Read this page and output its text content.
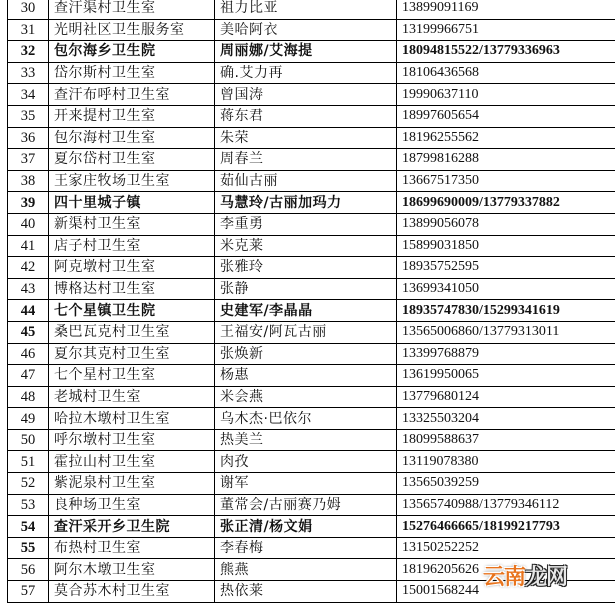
30	查汗渠村卫生室	祖力比亚	13899091169
31	光明社区卫生服务室	美哈阿衣	13199966751
32	包尔海乡卫生院	周丽娜/艾海提	18094815522/13779336963
33	岱尔斯村卫生室	确.艾力再	18106436568
34	查汗布呼村卫生室	曾国涛	19990637110
35	开来提村卫生室	蒋东君	18997605654
36	包尔海村卫生室	朱荣	18196255562
37	夏尔岱村卫生室	周春兰	18799816288
38	王家庄牧场卫生室	茹仙古丽	13667517350
39	四十里城子镇	马慧玲/古丽加玛力	18699690009/13779337882
40	新渠村卫生室	李重勇	13899056078
41	店子村卫生室	米克莱	15899031850
42	阿克墩村卫生室	张雅玲	18935752595
43	博格达村卫生室	张静	13699341050
44	七个星镇卫生院	史建军/李晶晶	18935747830/15299341619
45	桑巴瓦克村卫生室	王福安/阿瓦古丽	13565006860/13779313011
46	夏尔其克村卫生室	张焕新	13399768879
47	七个星村卫生室	杨惠	13619950065
48	老城村卫生室	米会燕	13779680124
49	哈拉木墩村卫生室	乌木杰·巴依尔	13325503204
50	呼尔墩村卫生室	热美兰	18099588637
51	霍拉山村卫生室	肉孜	13119078380
52	紫泥泉村卫生室	谢军	13565039259
53	良种场卫生室	董常会/古丽赛乃姆	13565740988/13779346112
54	查汗采开乡卫生院	张正清/杨文娟	15276466665/18199217793
55	布热村卫生室	李春梅	13150252252
56	阿尔木墩卫生室	熊燕	18196205626
57	莫合苏木村卫生室	热依莱	15001568244
云南龙网
